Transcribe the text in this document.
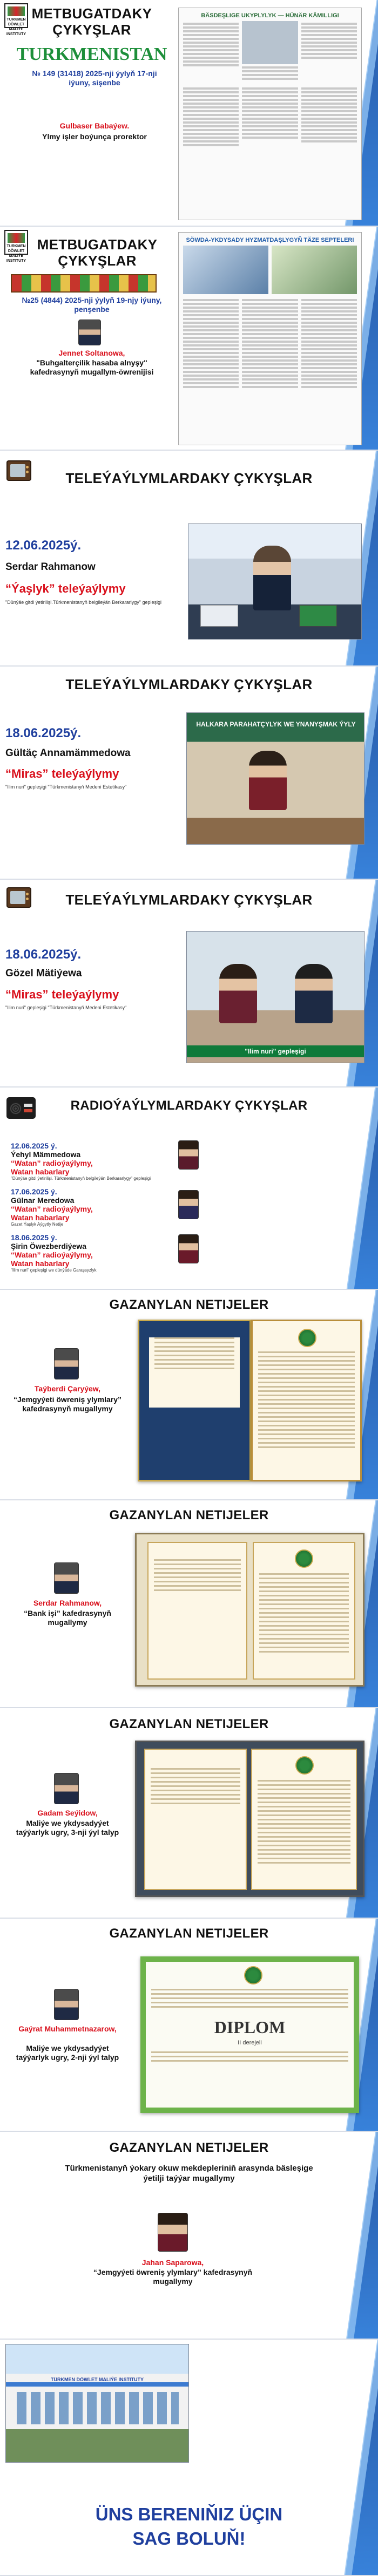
TURKMEN DÖWLET MALIÝE INSTITUTY
METBUGATDAKY ÇYKYŞLAR
TURKMENISTAN
№ 149 (31418) 2025-nji ýylyň 17-nji iýuny, sişenbe
Gulbaser Babaýew.
Ylmy işler boýunça prorektor
BÄSDEŞLIGE UKYPLYLYK — HÜNÄR KÄMILLIGI
TURKMEN DÖWLET MALIÝE INSTITUTY
METBUGATDAKY ÇYKYŞLAR
№25 (4844) 2025-nji ýylyň 19-njy iýuny, penşenbe
Jennet Soltanowa,
"Buhgalterçilik hasaba alnyşy" kafedrasynyň mugallym-öwrenijisi
SÖWDA-YKDYSADY HYZMATDAŞLYGYŇ TÄZE SEPTELERI
TELEÝAÝLYMLARDAKY ÇYKYŞLAR
12.06.2025ý.
Serdar Rahmanow
“Ýaşlyk” teleýaýlymy
"Dünýäe gitdi ýetirilişi.Türkmenistanyň belgileýän Berkararlygy" gepleşigi
TELEÝAÝLYMLARDAKY ÇYKYŞLAR
18.06.2025ý.
Gültäç Annamämmedowa
“Miras” teleýaýlymy
"Ilim nuri" gepleşigi "Türkmenistanyň Medeni Estetikasy"
HALKARA PARAHATÇYLYK WE YNANYŞMAK ÝYLY
TELEÝAÝLYMLARDAKY ÇYKYŞLAR
18.06.2025ý.
Gözel Mätiýewa
“Miras” teleýaýlymy
"Ilim nuri" gepleşigi "Türkmenistanyň Medeni Estetikasy"
"Ilim nuri" gepleşigi
RADIOÝAÝLYMLARDAKY ÇYKYŞLAR
12.06.2025 ý.
Ýehyl Mämmedowa
“Watan” radioýaýlymy,
Watan habarlary
"Dünýäe gitdi ýetirilişi. Türkmenistanyň belgileýän Berkararlygy" gepleşigi
17.06.2025 ý.
Gülnar Meredowa
“Watan” radioýaýlymy,
Watan habarlary
Gazet Ýaşlyk Aýgytly Netije
18.06.2025 ý.
Şirin Öwezberdiýewa
“Watan” radioýaýlymy,
Watan habarlary
"Ilim nuri" gepleşigi we dünýäde Garaşsyzlyk
GAZANYLAN NETIJELER
Taýberdi Çaryýew,
“Jemgyýeti öwreniş ylymlary” kafedrasynyň mugallymy
GAZANYLAN NETIJELER
Serdar Rahmanow,
“Bank işi” kafedrasynyň mugallymy
GAZANYLAN NETIJELER
Gadam Seýidow,
Maliýe we ykdysadyýet taýýarlyk ugry, 3-nji ýyl talyp
GAZANYLAN NETIJELER
Gaýrat Muhammetnazarow,
Maliýe we ykdysadyýet taýýarlyk ugry, 2-nji ýyl talyp
DIPLOM
II derejeli
GAZANYLAN NETIJELER
Türkmenistanyň ýokary okuw mekdepleriniň arasynda bäsleşige ýetilji taýýar mugallymy
Jahan Saparowa,
“Jemgyýeti öwreniş ylymlary” kafedrasynyň mugallymy
TÜRKMEN DÖWLET MALIÝE INSTITUTY
ÜNS BERENIŇIZ ÜÇIN
SAG BOLUŇ!
